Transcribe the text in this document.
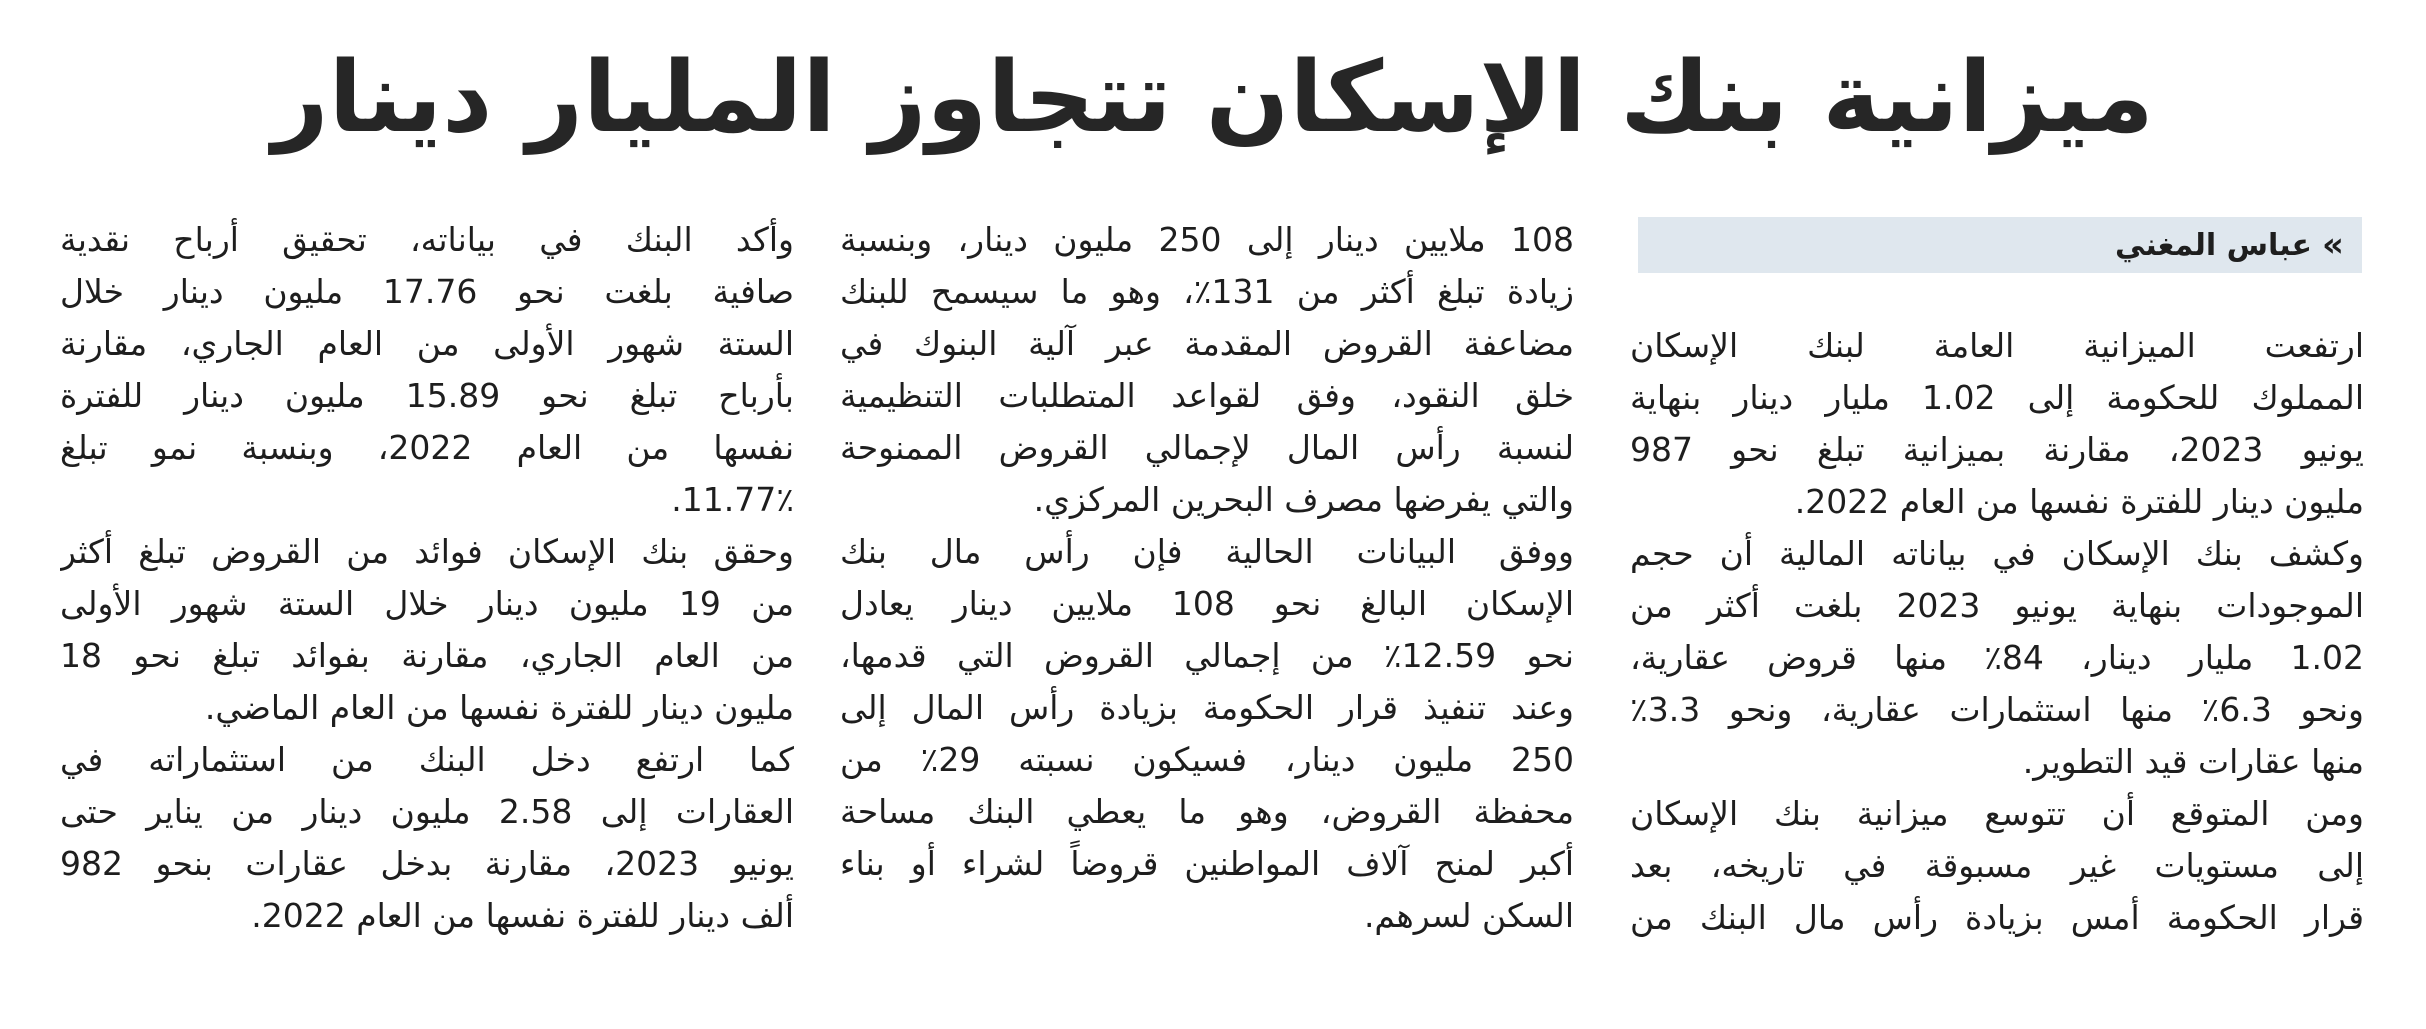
ميزانية بنك الإسكان تتجاوز المليار دينار
»
عباس المغني
ارتفعت الميزانية العامة لبنك الإسكان
المملوك للحكومة إلى 1.02 مليار دينار بنهاية
يونيو 2023، مقارنة بميزانية تبلغ نحو 987
مليون دينار للفترة نفسها من العام 2022.
وكشف بنك الإسكان في بياناته المالية أن حجم
الموجودات بنهاية يونيو 2023 بلغت أكثر من
1.02 مليار دينار، 84٪ منها قروض عقارية،
ونحو 6.3٪ منها استثمارات عقارية، ونحو 3.3٪
منها عقارات قيد التطوير.
ومن المتوقع أن تتوسع ميزانية بنك الإسكان
إلى مستويات غير مسبوقة في تاريخه، بعد
قرار الحكومة أمس بزيادة رأس مال البنك من
108 ملايين دينار إلى 250 مليون دينار، وبنسبة
زيادة تبلغ أكثر من 131٪، وهو ما سيسمح للبنك
مضاعفة القروض المقدمة عبر آلية البنوك في
خلق النقود، وفق لقواعد المتطلبات التنظيمية
لنسبة رأس المال لإجمالي القروض الممنوحة
والتي يفرضها مصرف البحرين المركزي.
ووفق البيانات الحالية فإن رأس مال بنك
الإسكان البالغ نحو 108 ملايين دينار يعادل
نحو 12.59٪ من إجمالي القروض التي قدمها،
وعند تنفيذ قرار الحكومة بزيادة رأس المال إلى
250 مليون دينار، فسيكون نسبته 29٪ من
محفظة القروض، وهو ما يعطي البنك مساحة
أكبر لمنح آلاف المواطنين قروضاً لشراء أو بناء
السكن لسرهم.
وأكد البنك في بياناته، تحقيق أرباح نقدية
صافية بلغت نحو 17.76 مليون دينار خلال
الستة شهور الأولى من العام الجاري، مقارنة
بأرباح تبلغ نحو 15.89 مليون دينار للفترة
نفسها من العام 2022، وبنسبة نمو تبلغ
11.77٪.
وحقق بنك الإسكان فوائد من القروض تبلغ أكثر
من 19 مليون دينار خلال الستة شهور الأولى
من العام الجاري، مقارنة بفوائد تبلغ نحو 18
مليون دينار للفترة نفسها من العام الماضي.
كما ارتفع دخل البنك من استثماراته في
العقارات إلى 2.58 مليون دينار من يناير حتى
يونيو 2023، مقارنة بدخل عقارات بنحو 982
ألف دينار للفترة نفسها من العام 2022.
